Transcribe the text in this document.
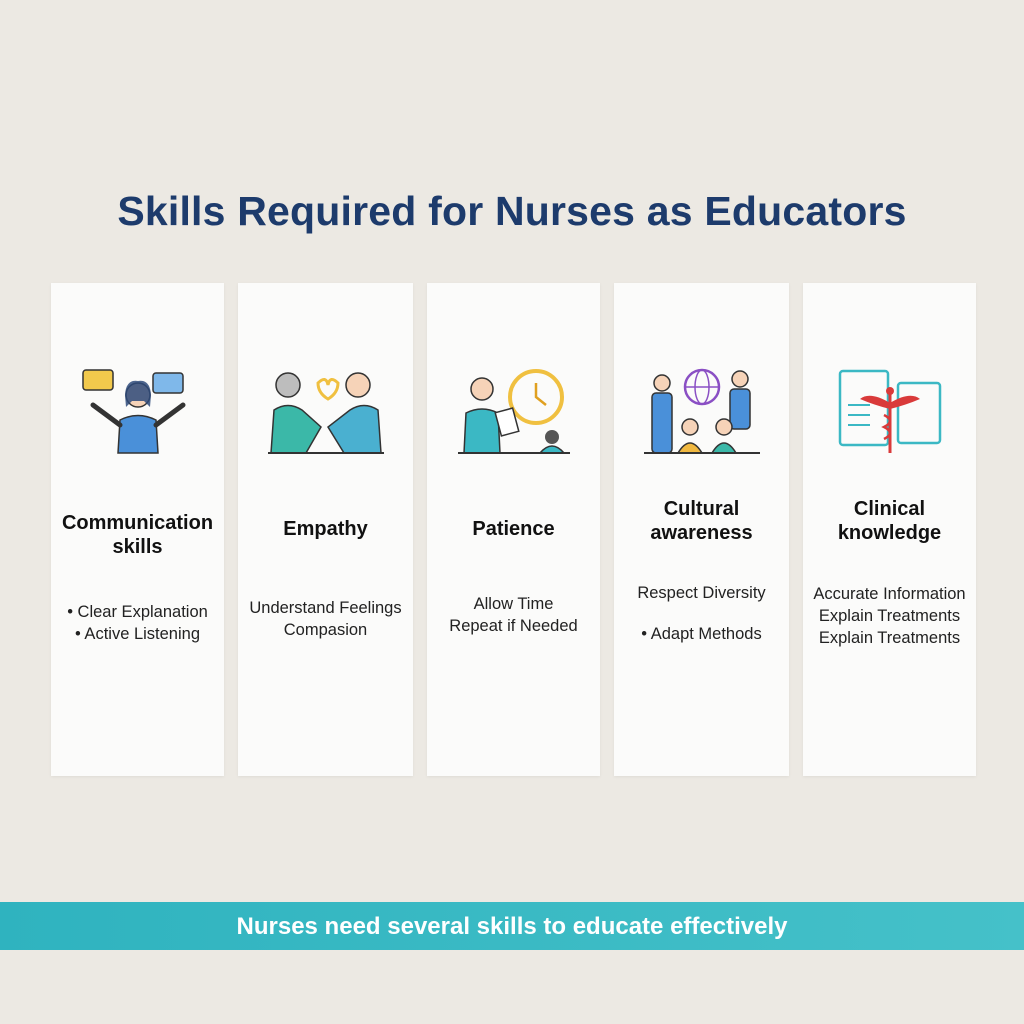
Skills Required for Nurses as Educators
Communication
skills
• Clear Explanation
• Active Listening
Empathy
Understand Feelings
Compasion
Patience
Allow Time
Repeat if Needed
Cultural
awareness
Respect Diversity
• Adapt Methods
Clinical
knowledge
Accurate Information
Explain Treatments
Explain Treatments
Nurses need several skills to educate effectively
